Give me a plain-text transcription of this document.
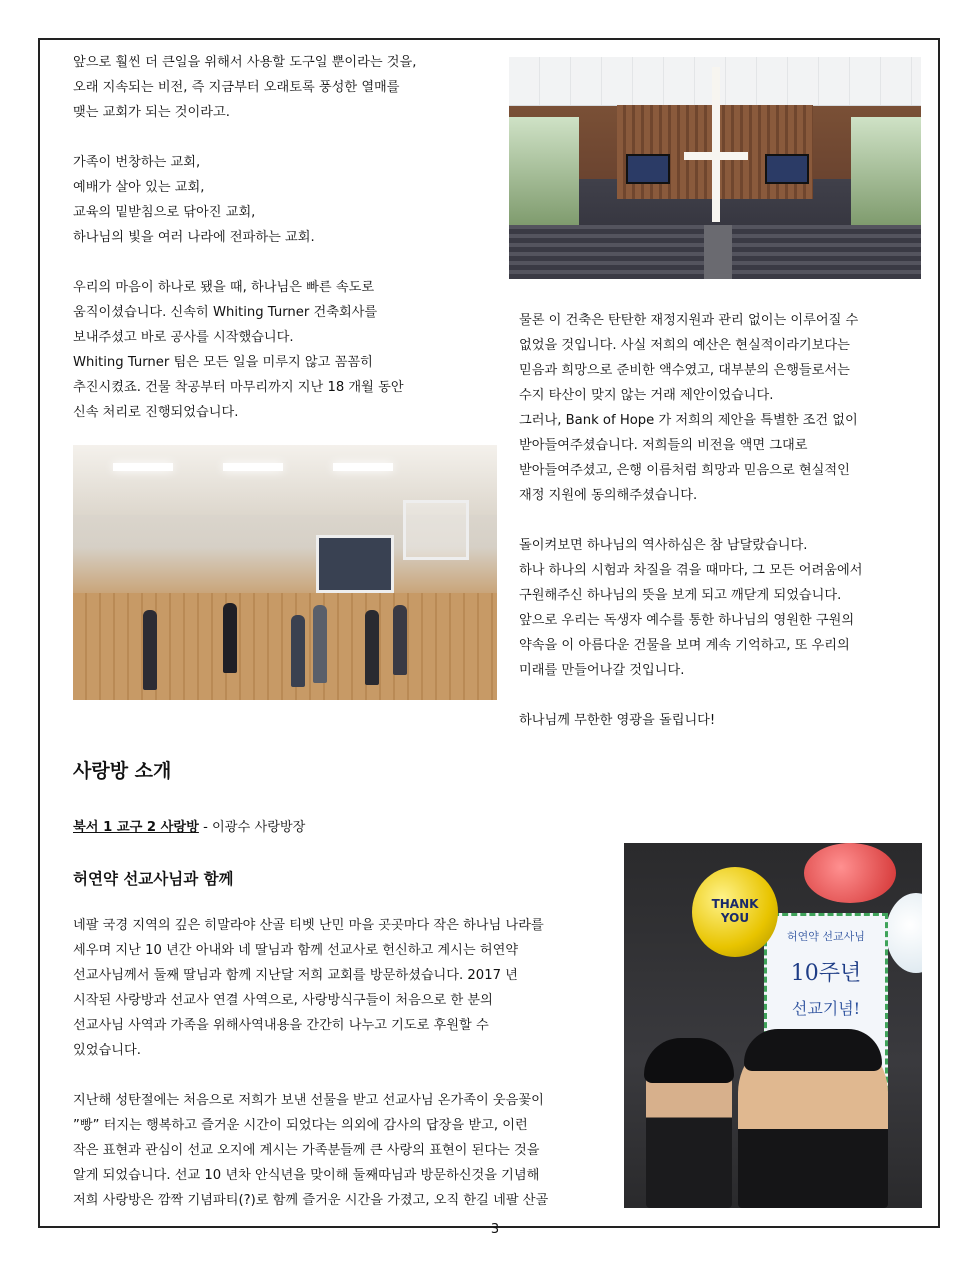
앞으로 훨씬 더 큰일을 위해서 사용할 도구일 뿐이라는 것을,
오래 지속되는 비전, 즉 지금부터 오래토록 풍성한 열매를
맺는 교회가 되는 것이라고.

가족이 번창하는 교회,
예배가 살아 있는 교회,
교육의 밑받침으로 닦아진 교회,
하나님의 빛을 여러 나라에 전파하는 교회.

우리의 마음이 하나로 됐을 때, 하나님은 빠른 속도로
움직이셨습니다. 신속히 Whiting Turner 건축회사를
보내주셨고 바로 공사를 시작했습니다.
Whiting Turner 팀은 모든 일을 미루지 않고 꼼꼼히
추진시켰죠. 건물 착공부터 마무리까지 지난 18 개월 동안
신속 처리로 진행되었습니다.

물론 이 건축은 탄탄한 재정지원과 관리 없이는 이루어질 수
없었을 것입니다. 사실 저희의 예산은 현실적이라기보다는
믿음과 희망으로 준비한 액수였고, 대부분의 은행들로서는
수지 타산이 맞지 않는 거래 제안이었습니다.
그러나, Bank of Hope 가 저희의 제안을 특별한 조건 없이
받아들여주셨습니다. 저희들의 비전을 액면 그대로
받아들여주셨고, 은행 이름처럼 희망과 믿음으로 현실적인
재정 지원에 동의해주셨습니다.

돌이켜보면 하나님의 역사하심은 참 남달랐습니다.
하나 하나의 시험과 차질을 겪을 때마다, 그 모든 어려움에서
구원해주신 하나님의 뜻을 보게 되고 깨닫게 되었습니다.
앞으로 우리는 독생자 예수를 통한 하나님의 영원한 구원의
약속을 이 아름다운 건물을 보며 계속 기억하고, 또 우리의
미래를 만들어나갈 것입니다.

하나님께 무한한 영광을 돌립니다!

사랑방 소개
북서 1 교구 2 사랑방 - 이광수 사랑방장
허연약 선교사님과 함께

네팔 국경 지역의 깊은 히말라야 산골 티벳 난민 마을 곳곳마다 작은 하나님 나라를
세우며 지난 10 년간 아내와 네 딸님과 함께 선교사로 헌신하고 계시는 허연약
선교사님께서 둘째 딸님과 함께 지난달 저희 교회를 방문하셨습니다. 2017 년
시작된 사랑방과 선교사 연결 사역으로, 사랑방식구들이 처음으로 한 분의
선교사님 사역과 가족을 위해사역내용을 간간히 나누고 기도로 후원할 수
있었습니다.

지난해 성탄절에는 처음으로 저희가 보낸 선물을 받고 선교사님 온가족이 웃음꽃이
”빵” 터지는 행복하고 즐거운 시간이 되었다는 의외에 감사의 답장을 받고, 이런
작은 표현과 관심이 선교 오지에 계시는 가족분들께 큰 사랑의 표현이 된다는 것을
알게 되었습니다. 선교 10 년차 안식년을 맞이해 둘째따님과 방문하신것을 기념해
저희 사랑방은 깜짝 기념파티(?)로 함께 즐거운 시간을 가졌고, 오직 한길 네팔 산골

허연약 선교사님
10주년
선교기념!
THANK YOU
3
